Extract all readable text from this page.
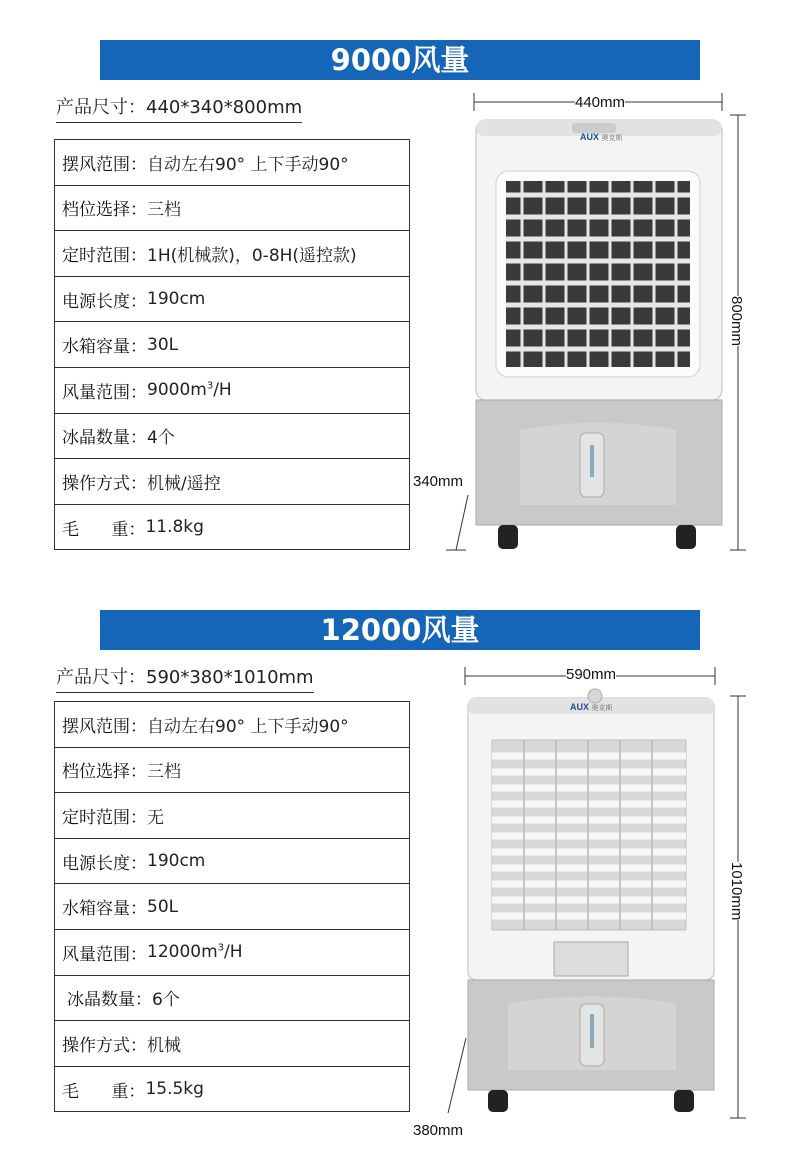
9000风量
产品尺寸：440*340*800mm
摆风范围： 自动左右90° 上下手动90°
档位选择： 三档
定时范围： 1H(机械款)，0-8H(遥控款)
电源长度： 190cm
水箱容量： 30L
风量范围： $9000m^3/H$
冰晶数量： 4个
操作方式： 机械/遥控
毛      重： 11.8kg
440mm
800mm
340mm
AUX 奥克斯
12000风量
产品尺寸：590*380*1010mm
摆风范围： 自动左右90° 上下手动90°
档位选择： 三档
定时范围： 无
电源长度： 190cm
水箱容量： 50L
风量范围： $12000m^3/H$
冰晶数量： 6个
操作方式： 机械
毛      重： 15.5kg
590mm
1010mm
380mm
AUX 奥克斯
